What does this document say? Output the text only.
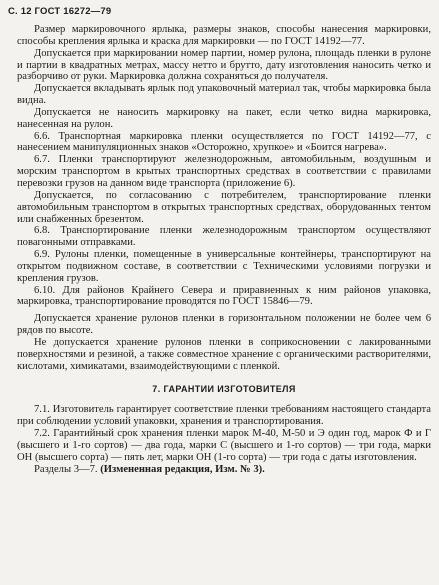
С. 12 ГОСТ 16272—79

Размер маркировочного ярлыка, размеры знаков, способы нанесения маркировки, способы крепления ярлыка и краска для маркировки — по ГОСТ 14192—77.

Допускается при маркировании номер партии, номер рулона, площадь пленки в рулоне и партии в квадратных метрах, массу нетто и брутто, дату изготовления наносить четко и разборчиво от руки. Маркировка должна сохраняться до получателя.

Допускается вкладывать ярлык под упаковочный материал так, чтобы маркировка была видна.

Допускается не наносить маркировку на пакет, если четко видна маркировка, нанесенная на рулон.

6.6. Транспортная маркировка пленки осуществляется по ГОСТ 14192—77, с нанесением манипуляционных знаков «Осторожно, хрупкое» и «Боится нагрева».

6.7. Пленки транспортируют железнодорожным, автомобильным, воздушным и морским транспортом в крытых транспортных средствах в соответствии с правилами перевозки грузов на данном виде транспорта (приложение 6).

Допускается, по согласованию с потребителем, транспортирование пленки автомобильным транспортом в открытых транспортных средствах, оборудованных тентом или снабженных брезентом.

6.8. Транспортирование пленки железнодорожным транспортом осуществляют повагонными отправками.

6.9. Рулоны пленки, помещенные в универсальные контейнеры, транспортируют на открытом подвижном составе, в соответствии с Техническими условиями погрузки и крепления грузов.

6.10. Для районов Крайнего Севера и приравненных к ним районов упаковка, маркировка, транспортирование проводятся по ГОСТ 15846—79.

Допускается хранение рулонов пленки в горизонтальном положении не более чем 6 рядов по высоте.

Не допускается хранение рулонов пленки в соприкосновении с лакированными поверхностями и резиной, а также совместное хранение с органическими растворителями, кислотами, химикатами, взаимодействующими с пленкой.

7. ГАРАНТИИ ИЗГОТОВИТЕЛЯ

7.1. Изготовитель гарантирует соответствие пленки требованиям настоящего стандарта при соблюдении условий упаковки, хранения и транспортирования.

7.2. Гарантийный срок хранения пленки марок М-40, М-50 и Э один год, марок Ф и Г (высшего и 1-го сортов) — два года, марки С (высшего и 1-го сортов) — три года, марки ОН (высшего сорта) — пять лет, марки ОН (1-го сорта) — три года с даты изготовления.

Разделы 3—7. (Измененная редакция, Изм. № 3).
